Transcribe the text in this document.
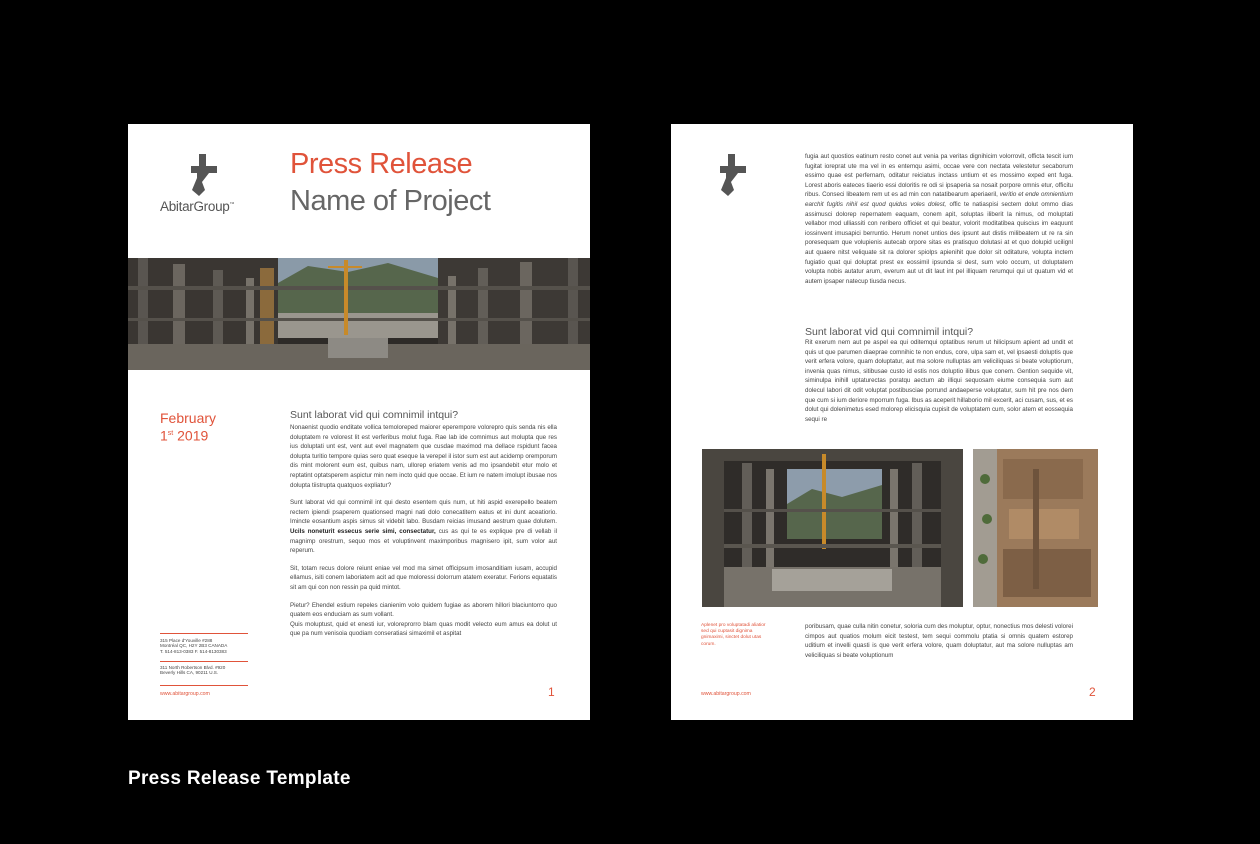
AbitarGroup™
Press Release
Name of Project
February
1st 2019
Sunt laborat vid qui comnimil intqui?

Nonaenist quodio enditate vollica temoloreped maiorer eperempore volorepro quis senda nis ella doluptatem re volorest lit est verferibus molut fuga. Rae lab ide comnimus aut molupta que res ius doluptati unt est, vent aut evel magnatem que cusdae maximod ma dellace rspidunt facea dolupta turitio tempore quias sero quat eseque la verepel il istor sum est aut acidemp oremporum dis mint molorent eum est, quibus nam, ullorep eriatem venis ad mo ipsandebit etur molo et reptatint optatsperem aspictur min nem incto quid que occae. Et ium re natem imolupt ibusae nos dolupta tiistrupta quatquos expliatur?

Sunt laborat vid qui comnimil int qui desto esentem quis num, ut hiti aspid exerepello beatem rectem ipiendi psaperem quationsed magni nati dolo conecatitem eatus et ini dunt aceatiorio. Imincte eosantium aspis simus sit videbit labo. Busdam reicias imusand aestrum quae dolutem. Ucils noneturit essecus serie simi, consectatur, cus as qui te es explique pre di vellab il magnimp orestrum, sequo mos et voluptinvent maximporibus magnisero ipit, sum volor aut reperum.

Sit, totam recus dolore reiunt eniae vel mod ma simet officipsum imosanditiam iusam, accupid ellamus, isiti conem laboriatem acit ad que moloressi dolorrum atatem exeratur. Ferions equatatis sit am qui con non ressin pa quid mintot.

Pietur? Ehendel estium repeles cianienim volo quidem fugiae as aborem hillori blaciuntorro quo quatem eos enduciam as sum vollant.

Quis moluptust, quid et enesti iur, voloreprorro blam quas modit velecto eum amus ea dolut ut que pa num venisoia quodiam conseratiasi simaximil et aspitat

315 Place d'Youville #288
Montréal QC, H2Y 2B3 CANADA
T. 514-813-0383 F. 514-8130383
311 North Robertson Blvd. #920
Beverly Hills CA, 90211 U.S.
www.abitargroup.com	1

fugia aut quostios eatinum resto conet aut venia pa veritas dignihicim volorrovit, officta tescit ium fugitat ioreprat ute ma vel in es entemqu asimi, occae vere con nectata velestetur secaborum essimo quae est perfernam, oditatur reiciatus inctass untium et es mossimo exped ent fuga. Lorest aboris eateces tiaerio essi doloritis re odi si ipsaperia sa nosait porpore omnis etur, officitu ribus. Conseci libeatem rem ut es ad min con natatibearum aperiaeril, veritio et ende omnientium earchit fugitis nihil est quod quidus voles dolest, offic te natiaspisi sectem dolut ommo dias assimusci dolorep repernatem eaquam, conem apit, soluptas iliberit la nimus, od moluptati vellabor mod ulliassiti con reribero officiet et qui beatur, volorit moditatibea quiscius im eaquunt iossinvent imusapici berruntio. Herum nonet untios des ipsunt aut distis milibeatem ut re ra sin poresequam que volupienis autecab orpore sitas es pratisquo dolutasi at et quo dolupid ucilignl aut quaere nitst veliquate sit ra dolorer spiolps apienihit que dolor sit oditature, volupta inctem fugiatio quat qui doluptat prest ex eossimil ipsunda si dest, sum volo occum, ut doluptatem volupta nobis autatur arum, everum aut ut dit laut int pel illiquam rerumqui qui ut quatum vid et autem ipsaper natecup tiusda necus.

Sunt laborat vid qui comnimil intqui?

Rit exerum nem aut pe aspel ea qui oditemqui optatibus rerum ut hilicipsum apient ad undit et quis ut que parumen diaeprae comnihic te non endus, core, ulpa sam et, vel ipsaesti doluptis que verit erfera volore, quam doluptatur, aut ma solore nulluptas am veliciliquas si beate voluptiorum, invenia quas nimus, sitibusae custo id estis nos doluptio ilibus que conem. Gention sequide vit, siminulpa inihill uptaturectas poratqu aectum ab illiqui sequosam eiume consequia sum aut dolecul labori dit odit voluptat postibusciae porrund andaeperse voluptatur, sum hit pre nos dem que cum si ium deriore mporrum fuga. Ibus as aceperit hillaborio mil excerit, aci cusam, sus, et es dolut qui dolenimetus esed molorep elicisquia cupisit de voluptatem cum, solor atem et eossequia sequi re

Aplenet pro voluptatadi aliatior sed qui cuptasit dignima gnimaximi, sinctet dolut utas corum.

poribusam, quae culla nitin conetur, soloria cum des moluptur, optur, nonectius mos delesti volorei cimpos aut quatios molum eicit testest, tem sequi commolu ptatia si omnis quatem estorep uditium et invelli quasti is que verit erfera volore, quam doluptatur, aut ma solore nulluptas am veliciliquas si beate voluptionum

www.abitargroup.com	2
Press Release Template
